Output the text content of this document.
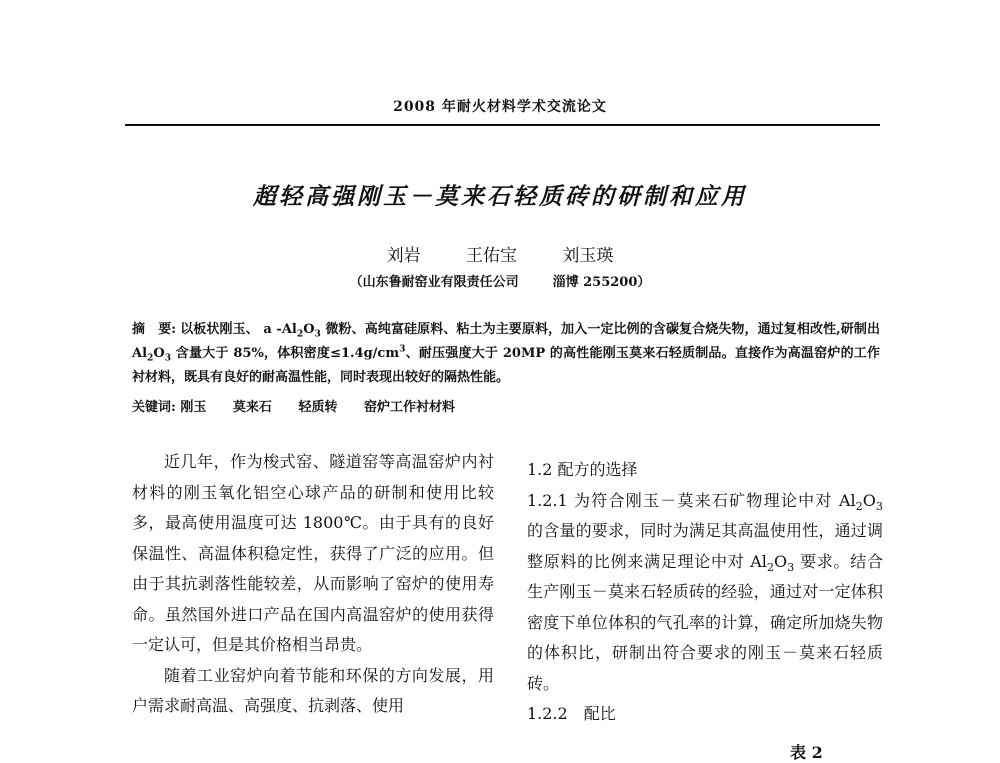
2008 年耐火材料学术交流论文
超轻高强刚玉－莫来石轻质砖的研制和应用
刘岩	王佑宝	刘玉瑛
（山东鲁耐窑业有限责任公司	淄博 255200）
摘　要: 以板状刚玉、 a $-Al_2O_3$ 微粉、高纯富硅原料、粘土为主要原料，加入一定比例的含碳复合烧失物，通过复相改性,研制出 $Al_2O_3$ 含量大于 85%，体积密度$\le 1.4g/cm^3$、耐压强度大于 20MP 的高性能刚玉莫来石轻质制品。直接作为高温窑炉的工作衬材料，既具有良好的耐高温性能，同时表现出较好的隔热性能。
关键词: 刚玉 莫来石 轻质转 窑炉工作衬材料

近几年，作为梭式窑、隧道窑等高温窑炉内衬材料的刚玉氧化铝空心球产品的研制和使用比较多，最高使用温度可达 1800℃。由于具有的良好保温性、高温体积稳定性，获得了广泛的应用。但由于其抗剥落性能较差，从而影响了窑炉的使用寿命。虽然国外进口产品在国内高温窑炉的使用获得一定认可，但是其价格相当昂贵。

随着工业窑炉向着节能和环保的方向发展，用户需求耐高温、高强度、抗剥落、使用

1.2 配方的选择

1.2.1 为符合刚玉－莫来石矿物理论中对 $Al_2O_3$ 的含量的要求，同时为满足其高温使用性，通过调整原料的比例来满足理论中对 $Al_2O_3$ 要求。结合生产刚玉－莫来石轻质砖的经验，通过对一定体积密度下单位体积的气孔率的计算，确定所加烧失物的体积比，研制出符合要求的刚玉－莫来石轻质砖。

1.2.2　配比

表 2
